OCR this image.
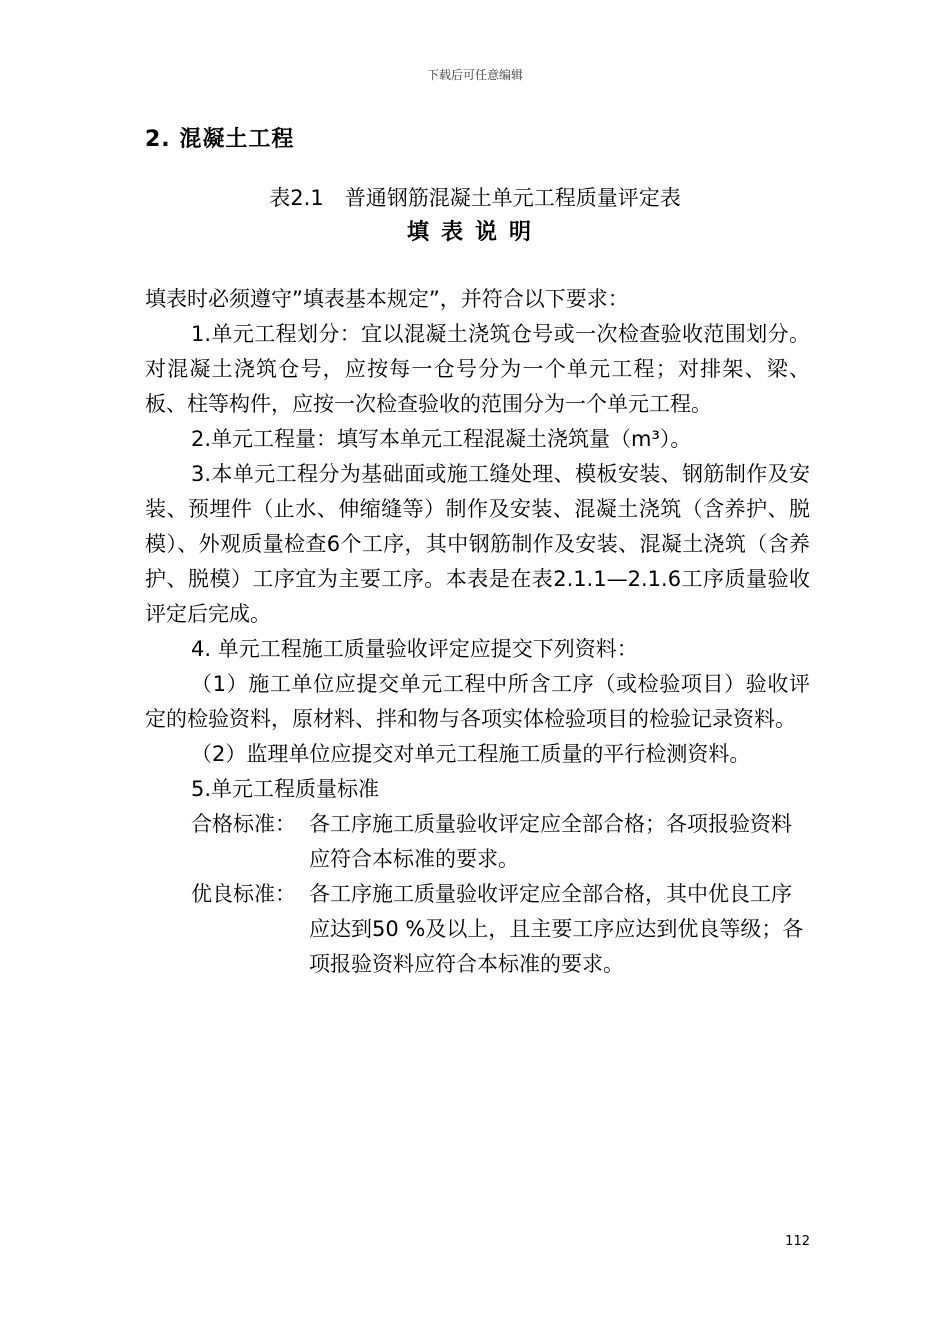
下载后可任意编辑
2. 混凝土工程
表2.1　普通钢筋混凝土单元工程质量评定表
填表说明

填表时必须遵守”填表基本规定”，并符合以下要求：

1.单元工程划分：宜以混凝土浇筑仓号或一次检查验收范围划分。对混凝土浇筑仓号，应按每一仓号分为一个单元工程；对排架、梁、板、柱等构件，应按一次检查验收的范围分为一个单元工程。

2.单元工程量：填写本单元工程混凝土浇筑量（m³）。

3.本单元工程分为基础面或施工缝处理、模板安装、钢筋制作及安装、预埋件（止水、伸缩缝等）制作及安装、混凝土浇筑（含养护、脱模）、外观质量检查6个工序，其中钢筋制作及安装、混凝土浇筑（含养护、脱模）工序宜为主要工序。本表是在表2.1.1—2.1.6工序质量验收评定后完成。

4. 单元工程施工质量验收评定应提交下列资料：

（1）施工单位应提交单元工程中所含工序（或检验项目）验收评定的检验资料，原材料、拌和物与各项实体检验项目的检验记录资料。

（2）监理单位应提交对单元工程施工质量的平行检测资料。

5.单元工程质量标准

合格标准： 各工序施工质量验收评定应全部合格；各项报验资料应符合本标准的要求。
优良标准： 各工序施工质量验收评定应全部合格，其中优良工序应达到50 %及以上，且主要工序应达到优良等级；各项报验资料应符合本标准的要求。
112
